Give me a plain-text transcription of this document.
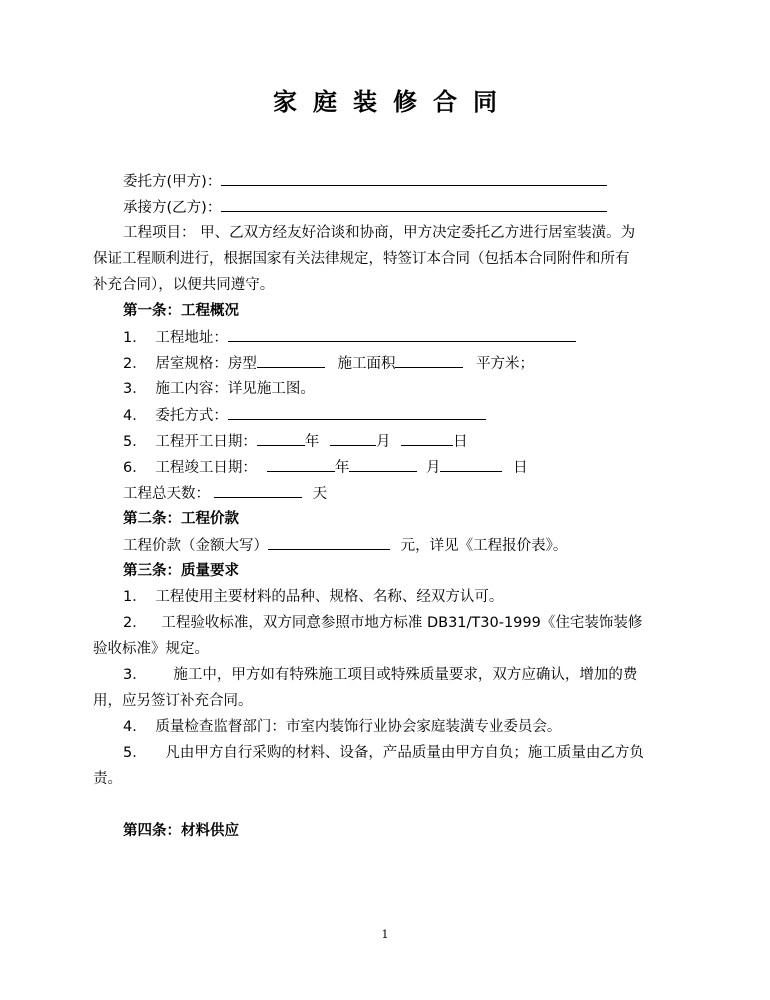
家庭装修合同
委托方(甲方)：
承接方(乙方)：
工程项目： 甲、乙双方经友好洽谈和协商，甲方决定委托乙方进行居室装潢。为
保证工程顺利进行，根据国家有关法律规定，特签订本合同（包括本合同附件和所有
补充合同），以便共同遵守。
第一条：工程概况
1． 工程地址：
2． 居室规格：房型	施工面积	平方米；
3． 施工内容：详见施工图。
4． 委托方式：
5． 工程开工日期：	年	月	日
6． 工程竣工日期：	年	月	日
工程总天数：	天
第二条：工程价款
工程价款（金额大写）	元，详见《工程报价表》。
第三条：质量要求
1． 工程使用主要材料的品种、规格、名称、经双方认可。
2． 工程验收标准，双方同意参照市地方标准 DB31/T30-1999《住宅装饰装修
验收标准》规定。
3． 施工中，甲方如有特殊施工项目或特殊质量要求，双方应确认，增加的费
用，应另签订补充合同。
4． 质量检查监督部门：市室内装饰行业协会家庭装潢专业委员会。
5． 凡由甲方自行采购的材料、设备，产品质量由甲方自负；施工质量由乙方负
责。
第四条：材料供应
1
